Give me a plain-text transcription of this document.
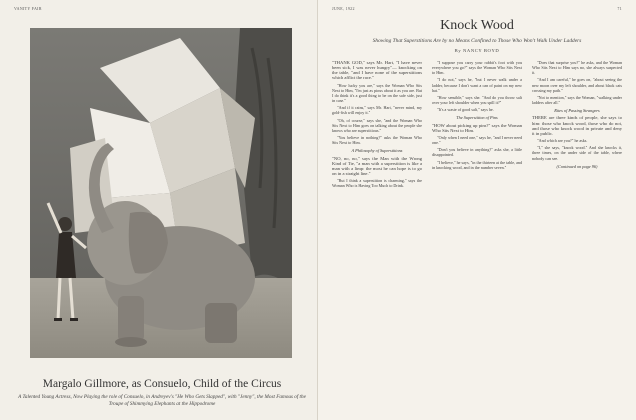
VANITY FAIR
Margalo Gillmore, as Consuelo, Child of the Circus
A Talented Young Actress, Now Playing the role of Consuelo, in Andreyev's "He Who Gets Slapped", with "Jenny", the Most Famous of the Troupe of Shimmying Elephants at the Hippodrome
JUNE, 1922	71
Knock Wood
Showing That Superstitions Are by no Means Confined to Those Who Won't Walk Under Ladders
By NANCY BOYD

"THANK GOD," says Mr. Hart, "I have never been sick, I was never hungry"— knocking on the table, "and I have none of the superstitions which afflict the race."

"How lucky you are," says the Woman Who Sits Next to Him, "I'm just as pious about it as you are. But I do think it's a good thing to be on the safe side, just in case."

"And if it rains," says Mr. Hart, "never mind, my gold-fish will enjoy it."

"Oh, of course," says she, "and the Woman Who Sits Next to Him goes on talking about the people she knows who are superstitious."

"You believe in nothing?" asks the Woman Who Sits Next to Him.

A Philosophy of Superstitions

"NO, no, no," says the Man with the Wrong Kind of Tie, "a man with a superstition is like a man with a limp: the most he can hope is to go on in a straight line."

"But I think a superstition is charming," says the Woman Who is Having Too Much to Drink.

"I suppose you carry your rabbit's foot with you everywhere you go?" says the Woman Who Sits Next to Him.

"I do not," says he, "but I never walk under a ladder, because I don't want a can of paint on my new hat."

"How sensible," says she. "And do you throw salt over your left shoulder when you spill it?"

"It's a waste of good salt," says he.

The Superstition of Pins

"HOW about picking up pins?" says the Woman Who Sits Next to Him.

"Only when I need one," says he, "and I never need one."

"Don't you believe in anything?" asks she, a little disappointed.

"I believe," he says, "in the thirteen at the table, and in knocking wood, and in the number seven."

"Does that surprise you?" he asks, and the Woman Who Sits Next to Him says no, she always suspected it.

"And I am careful," he goes on, "about seeing the new moon over my left shoulder, and about black cats crossing my path."

"Not to mention," says the Woman, "walking under ladders after all."

Rites of Passing Strangers

THERE are three kinds of people, she says to him: those who knock wood, those who do not, and those who knock wood in private and deny it in public.

"And which are you?" he asks.

"I," she says, "knock wood." And she knocks it, three times, on the under side of the table, where nobody can see.

(Continued on page 96)
